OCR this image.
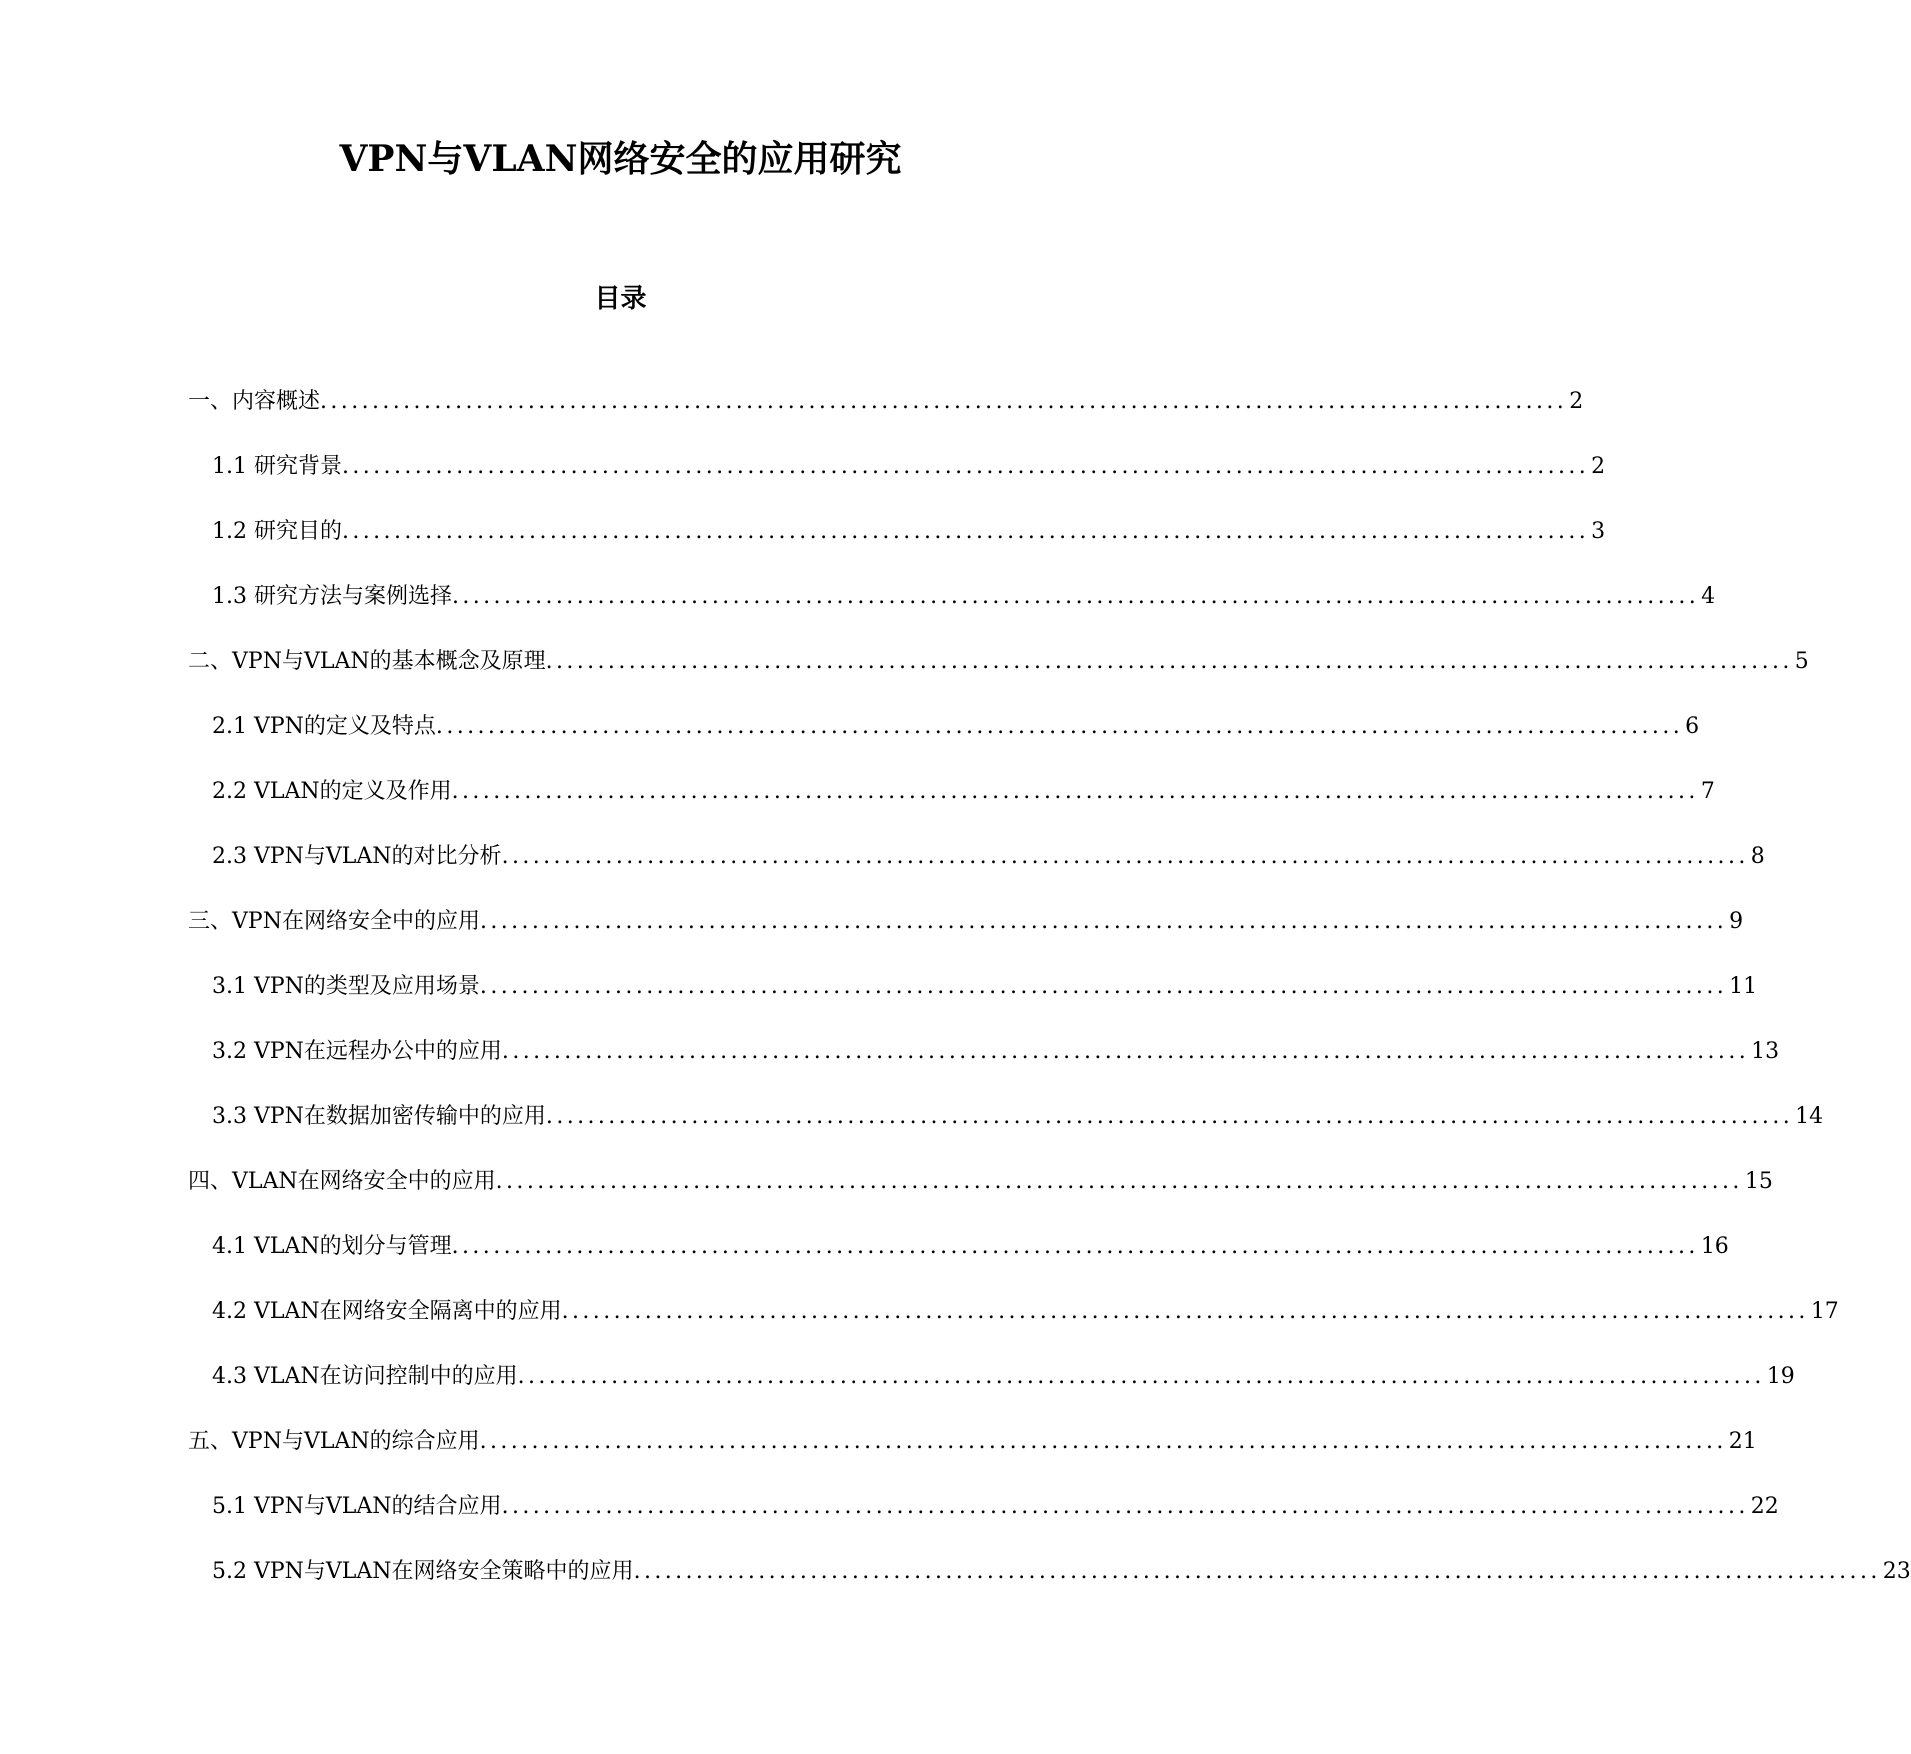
VPN与VLAN网络安全的应用研究
目录
一、内容概述 ........................................................................................................................ 2
1.1 研究背景 ........................................................................................................................ 2
1.2 研究目的 ........................................................................................................................ 3
1.3 研究方法与案例选择 ........................................................................................................................ 4
二、VPN与VLAN的基本概念及原理 ........................................................................................................................ 5
2.1 VPN的定义及特点 ........................................................................................................................ 6
2.2 VLAN的定义及作用 ........................................................................................................................ 7
2.3 VPN与VLAN的对比分析 ........................................................................................................................ 8
三、VPN在网络安全中的应用 ........................................................................................................................ 9
3.1 VPN的类型及应用场景 ........................................................................................................................ 11
3.2 VPN在远程办公中的应用 ........................................................................................................................ 13
3.3 VPN在数据加密传输中的应用 ........................................................................................................................ 14
四、VLAN在网络安全中的应用 ........................................................................................................................ 15
4.1 VLAN的划分与管理 ........................................................................................................................ 16
4.2 VLAN在网络安全隔离中的应用 ........................................................................................................................ 17
4.3 VLAN在访问控制中的应用 ........................................................................................................................ 19
五、VPN与VLAN的综合应用 ........................................................................................................................ 21
5.1 VPN与VLAN的结合应用 ........................................................................................................................ 22
5.2 VPN与VLAN在网络安全策略中的应用 ........................................................................................................................ 23
